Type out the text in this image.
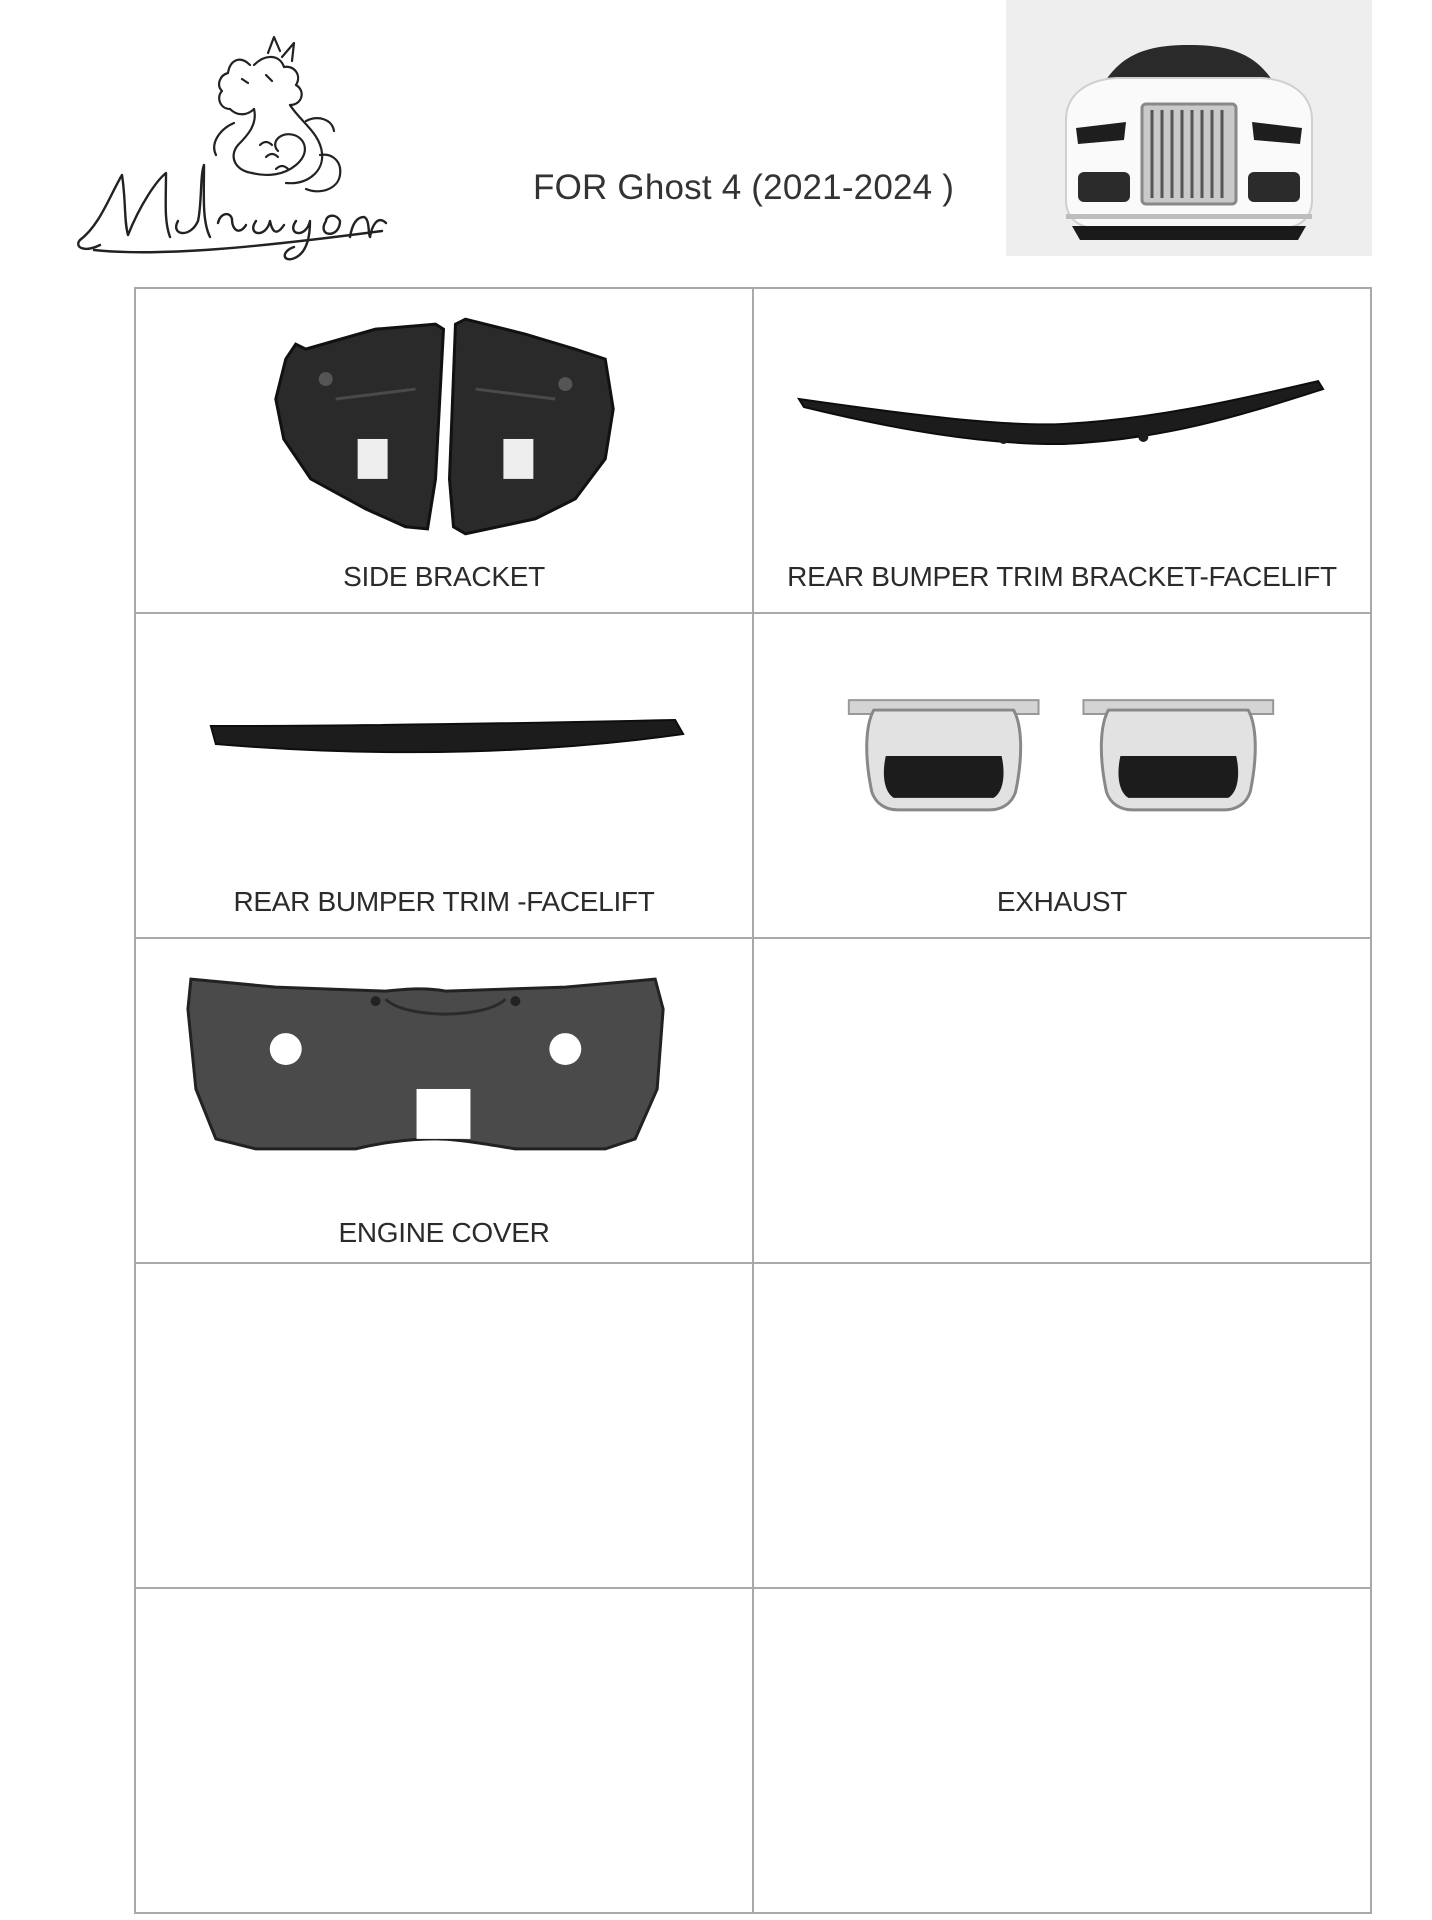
FOR Ghost 4 (2021-2024 )
SIDE BRACKET	REAR BUMPER TRIM BRACKET-FACELIFT

REAR BUMPER TRIM -FACELIFT	EXHAUST

ENGINE COVER	
